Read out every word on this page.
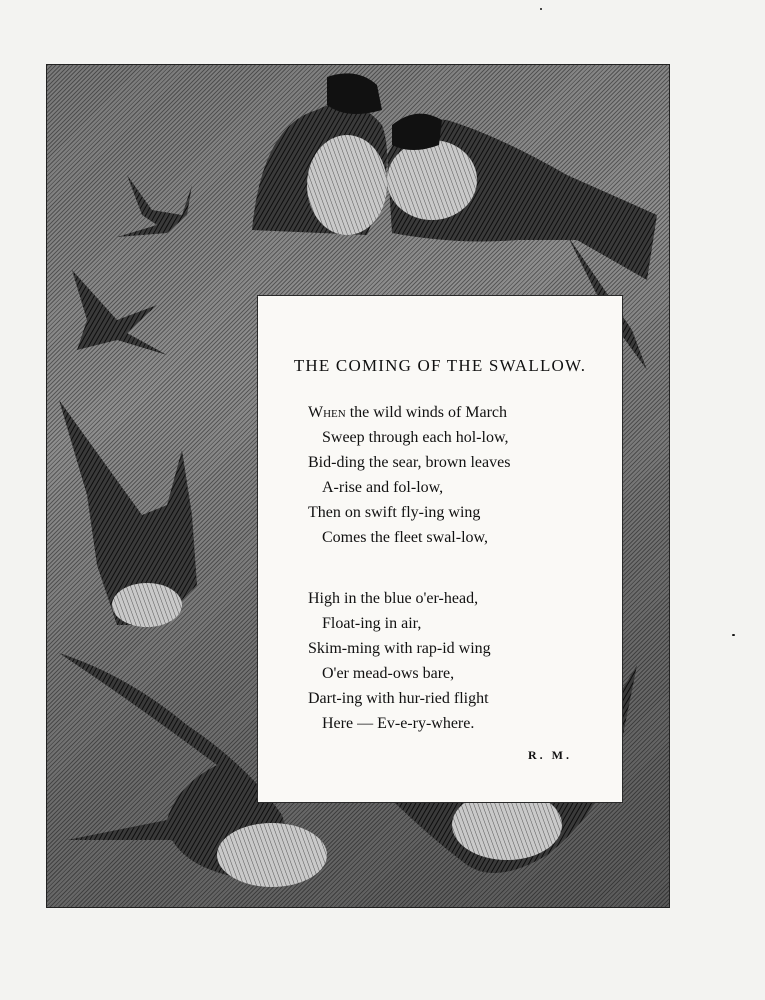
THE COMING OF THE SWALLOW.
When the wild winds of March
Sweep through each hol-low,
Bid-ding the sear, brown leaves
A-rise and fol-low,
Then on swift fly-ing wing
Comes the fleet swal-low,
High in the blue o'er-head,
Float-ing in air,
Skim-ming with rap-id wing
O'er mead-ows bare,
Dart-ing with hur-ried flight
Here — Ev-e-ry-where.
R. M.
